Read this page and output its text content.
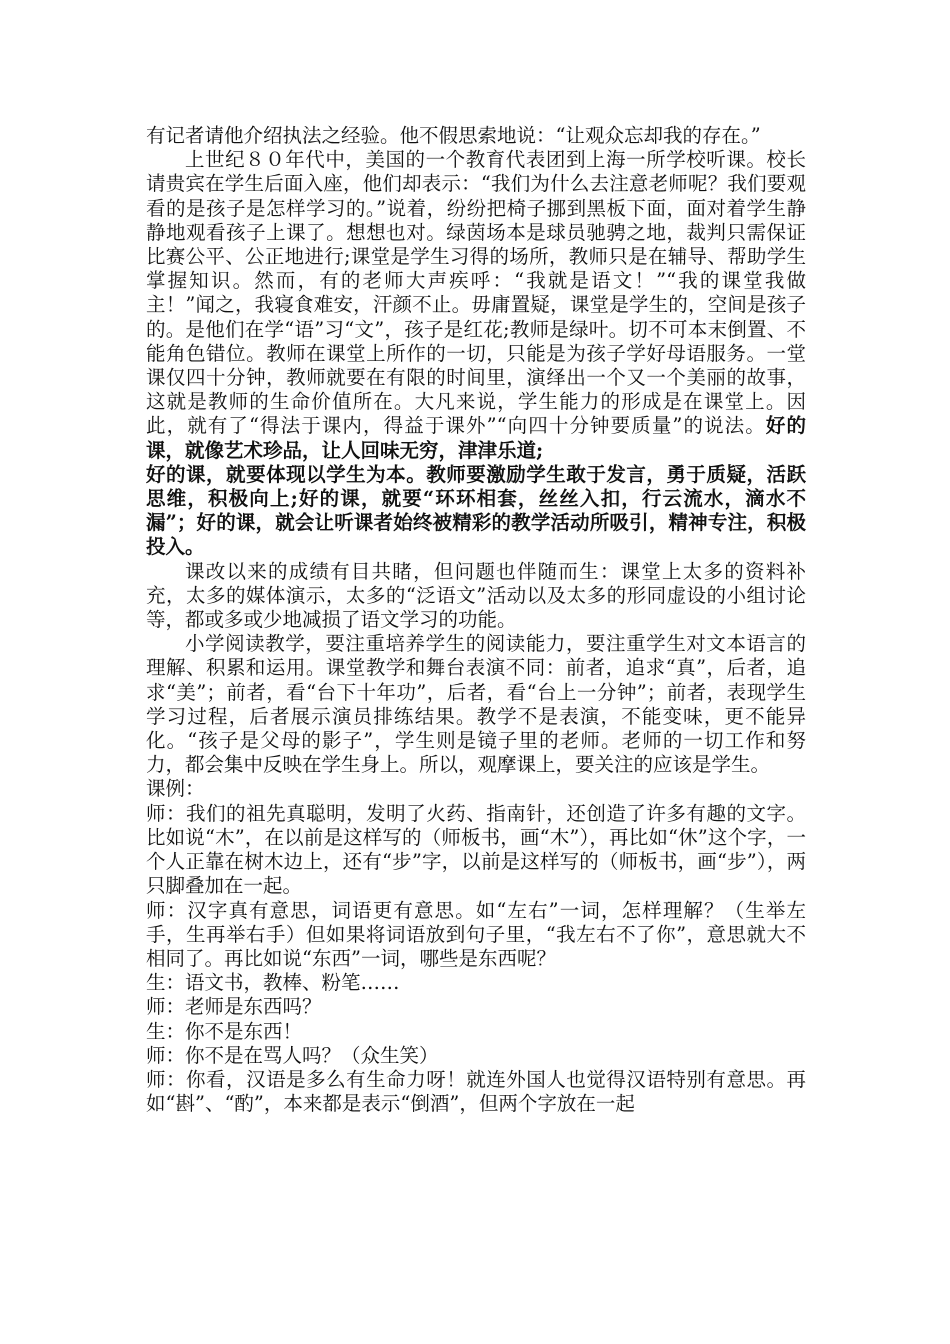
有记者请他介绍执法之经验。他不假思索地说：“让观众忘却我的存在。”

上世纪８０年代中，美国的一个教育代表团到上海一所学校听课。校长请贵宾在学生后面入座，他们却表示：“我们为什么去注意老师呢？我们要观看的是孩子是怎样学习的。”说着，纷纷把椅子挪到黑板下面，面对着学生静静地观看孩子上课了。想想也对。绿茵场本是球员驰骋之地，裁判只需保证比赛公平、公正地进行;课堂是学生习得的场所，教师只是在辅导、帮助学生掌握知识。然而，有的老师大声疾呼：“我就是语文！”“我的课堂我做主！”闻之，我寝食难安，汗颜不止。毋庸置疑，课堂是学生的，空间是孩子的。是他们在学“语”习“文”，孩子是红花;教师是绿叶。切不可本末倒置、不能角色错位。教师在课堂上所作的一切，只能是为孩子学好母语服务。一堂课仅四十分钟，教师就要在有限的时间里，演绎出一个又一个美丽的故事，这就是教师的生命价值所在。大凡来说，学生能力的形成是在课堂上。因此，就有了“得法于课内，得益于课外”“向四十分钟要质量”的说法。好的课，就像艺术珍品，让人回味无穷，津津乐道;

好的课，就要体现以学生为本。教师要激励学生敢于发言，勇于质疑，活跃思维，积极向上;好的课，就要“环环相套，丝丝入扣，行云流水，滴水不漏”；好的课，就会让听课者始终被精彩的教学活动所吸引，精神专注，积极投入。

课改以来的成绩有目共睹，但问题也伴随而生：课堂上太多的资料补充，太多的媒体演示，太多的“泛语文”活动以及太多的形同虚设的小组讨论等，都或多或少地减损了语文学习的功能。

小学阅读教学，要注重培养学生的阅读能力，要注重学生对文本语言的理解、积累和运用。课堂教学和舞台表演不同：前者，追求“真”，后者，追求“美”；前者，看“台下十年功”，后者，看“台上一分钟”；前者，表现学生学习过程，后者展示演员排练结果。教学不是表演，不能变味，更不能异化。“孩子是父母的影子”，学生则是镜子里的老师。老师的一切工作和努力，都会集中反映在学生身上。所以，观摩课上，要关注的应该是学生。

课例：

师：我们的祖先真聪明，发明了火药、指南针，还创造了许多有趣的文字。比如说“木”，在以前是这样写的（师板书，画“木”），再比如“休”这个字，一个人正靠在树木边上，还有“步”字，以前是这样写的（师板书，画“步”），两只脚叠加在一起。

师：汉字真有意思，词语更有意思。如“左右”一词，怎样理解？（生举左手，生再举右手）但如果将词语放到句子里，“我左右不了你”，意思就大不相同了。再比如说“东西”一词，哪些是东西呢？

生：语文书，教棒、粉笔……

师：老师是东西吗？

生：你不是东西！

师：你不是在骂人吗？（众生笑）

师：你看，汉语是多么有生命力呀！就连外国人也觉得汉语特别有意思。再如“斟”、“酌”，本来都是表示“倒酒”，但两个字放在一起
